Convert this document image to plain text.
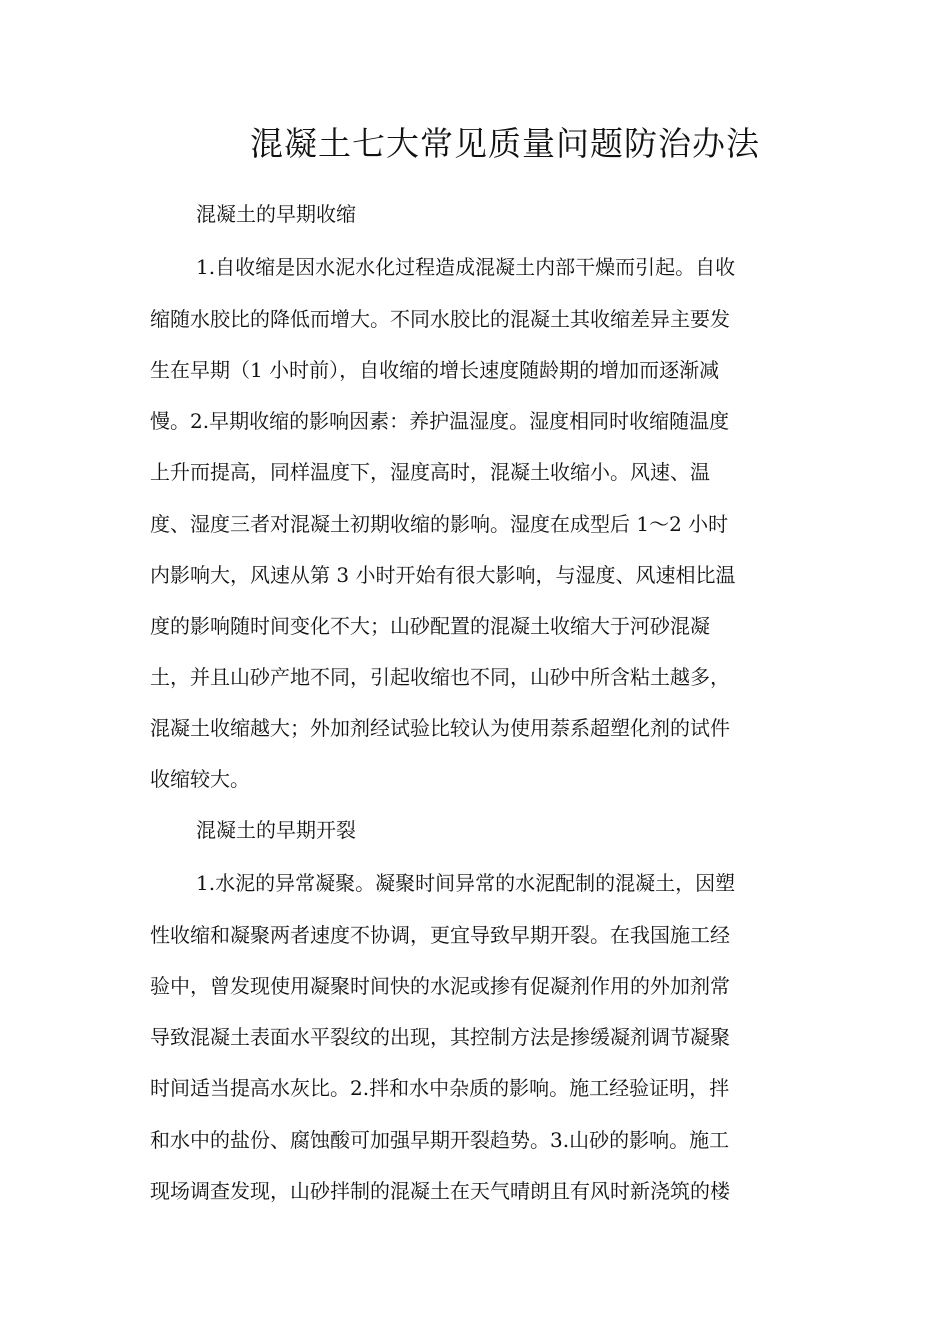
混凝土七大常见质量问题防治办法

混凝土的早期收缩

1.自收缩是因水泥水化过程造成混凝土内部干燥而引起。自收

缩随水胶比的降低而增大。不同水胶比的混凝土其收缩差异主要发

生在早期（1 小时前），自收缩的增长速度随龄期的增加而逐渐减

慢。2.早期收缩的影响因素：养护温湿度。湿度相同时收缩随温度

上升而提高，同样温度下，湿度高时，混凝土收缩小。风速、温

度、湿度三者对混凝土初期收缩的影响。湿度在成型后 1～2 小时

内影响大，风速从第 3 小时开始有很大影响，与湿度、风速相比温

度的影响随时间变化不大；山砂配置的混凝土收缩大于河砂混凝

土，并且山砂产地不同，引起收缩也不同，山砂中所含粘土越多，

混凝土收缩越大；外加剂经试验比较认为使用萘系超塑化剂的试件

收缩较大。

混凝土的早期开裂

1.水泥的异常凝聚。凝聚时间异常的水泥配制的混凝土，因塑

性收缩和凝聚两者速度不协调，更宜导致早期开裂。在我国施工经

验中，曾发现使用凝聚时间快的水泥或掺有促凝剂作用的外加剂常

导致混凝土表面水平裂纹的出现，其控制方法是掺缓凝剂调节凝聚

时间适当提高水灰比。2.拌和水中杂质的影响。施工经验证明，拌

和水中的盐份、腐蚀酸可加强早期开裂趋势。3.山砂的影响。施工

现场调查发现，山砂拌制的混凝土在天气晴朗且有风时新浇筑的楼
